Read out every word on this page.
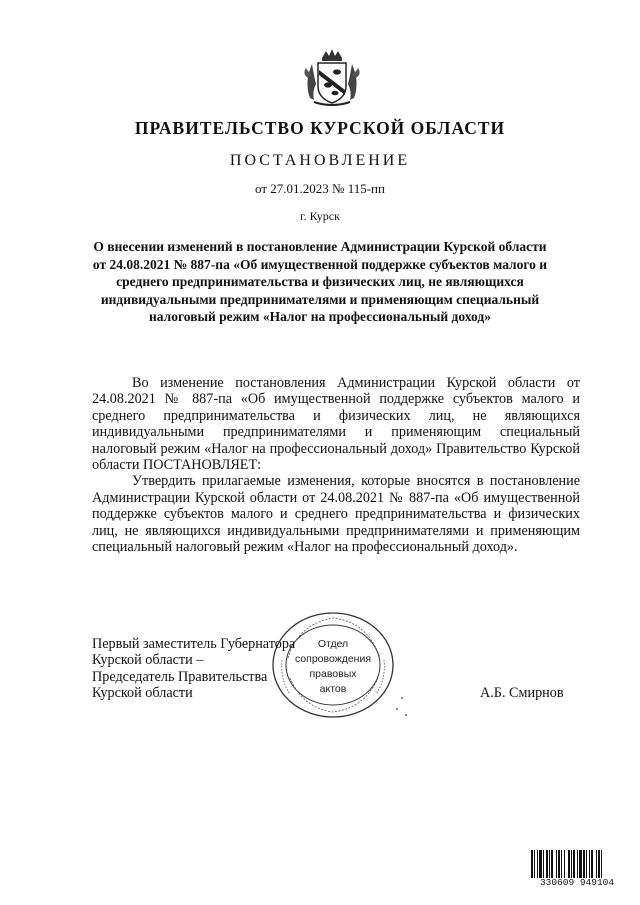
ПРАВИТЕЛЬСТВО КУРСКОЙ ОБЛАСТИ
ПОСТАНОВЛЕНИЕ
от 27.01.2023 № 115-пп
г. Курск
О внесении изменений в постановление Администрации Курской области от 24.08.2021 № 887-па «Об имущественной поддержке субъектов малого и среднего предпринимательства и физических лиц, не являющихся индивидуальными предпринимателями и применяющим специальный налоговый режим «Налог на профессиональный доход»

Во изменение постановления Администрации Курской области от 24.08.2021 № 887-па «Об имущественной поддержке субъектов малого и среднего предпринимательства и физических лиц, не являющихся индивидуальными предпринимателями и применяющим специальный налоговый режим «Налог на профессиональный доход» Правительство Курской области ПОСТАНОВЛЯЕТ:

Утвердить прилагаемые изменения, которые вносятся в постановление Администрации Курской области от 24.08.2021 № 887-па «Об имущественной поддержке субъектов малого и среднего предпринимательства и физических лиц, не являющихся индивидуальными предпринимателями и применяющим специальный налоговый режим «Налог на профессиональный доход».

Отдел
сопровождения
правовых
актов
Первый заместитель Губернатора
Курской области –
Председатель Правительства
Курской области	А.Б. Смирнов
330609 949104
